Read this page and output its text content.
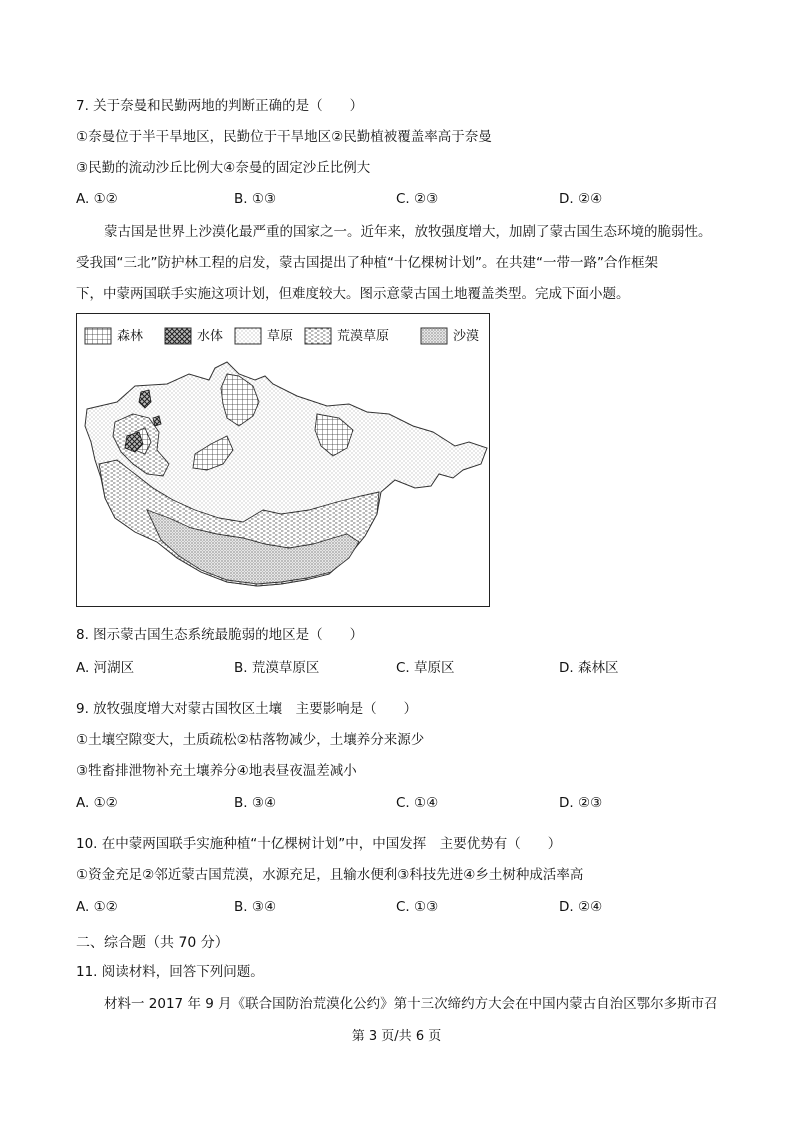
7. 关于奈曼和民勤两地的判断正确的是（　　）
①奈曼位于半干旱地区，民勤位于干旱地区②民勤植被覆盖率高于奈曼
③民勤的流动沙丘比例大④奈曼的固定沙丘比例大
A. ①②	B. ①③	C. ②③	D. ②④
蒙古国是世界上沙漠化最严重的国家之一。近年来，放牧强度增大，加剧了蒙古国生态环境的脆弱性。
受我国“三北”防护林工程的启发，蒙古国提出了种植“十亿棵树计划”。在共建“一带一路”合作框架
下，中蒙两国联手实施这项计划，但难度较大。图示意蒙古国土地覆盖类型。完成下面小题。
森林	水体	草原	荒漠草原	沙漠
8. 图示蒙古国生态系统最脆弱的地区是（　　）
A. 河湖区	B. 荒漠草原区	C. 草原区	D. 森林区
9. 放牧强度增大对蒙古国牧区土壤　主要影响是（　　）
①土壤空隙变大，土质疏松②枯落物减少，土壤养分来源少
③牲畜排泄物补充土壤养分④地表昼夜温差减小
A. ①②	B. ③④	C. ①④	D. ②③
10. 在中蒙两国联手实施种植“十亿棵树计划”中，中国发挥　主要优势有（　　）
①资金充足②邻近蒙古国荒漠，水源充足，且输水便利③科技先进④乡土树种成活率高
A. ①②	B. ③④	C. ①③	D. ②④
二、综合题（共 70 分）
11. 阅读材料，回答下列问题。
材料一 2017 年 9 月《联合国防治荒漠化公约》第十三次缔约方大会在中国内蒙古自治区鄂尔多斯市召
第 3 页/共 6 页
